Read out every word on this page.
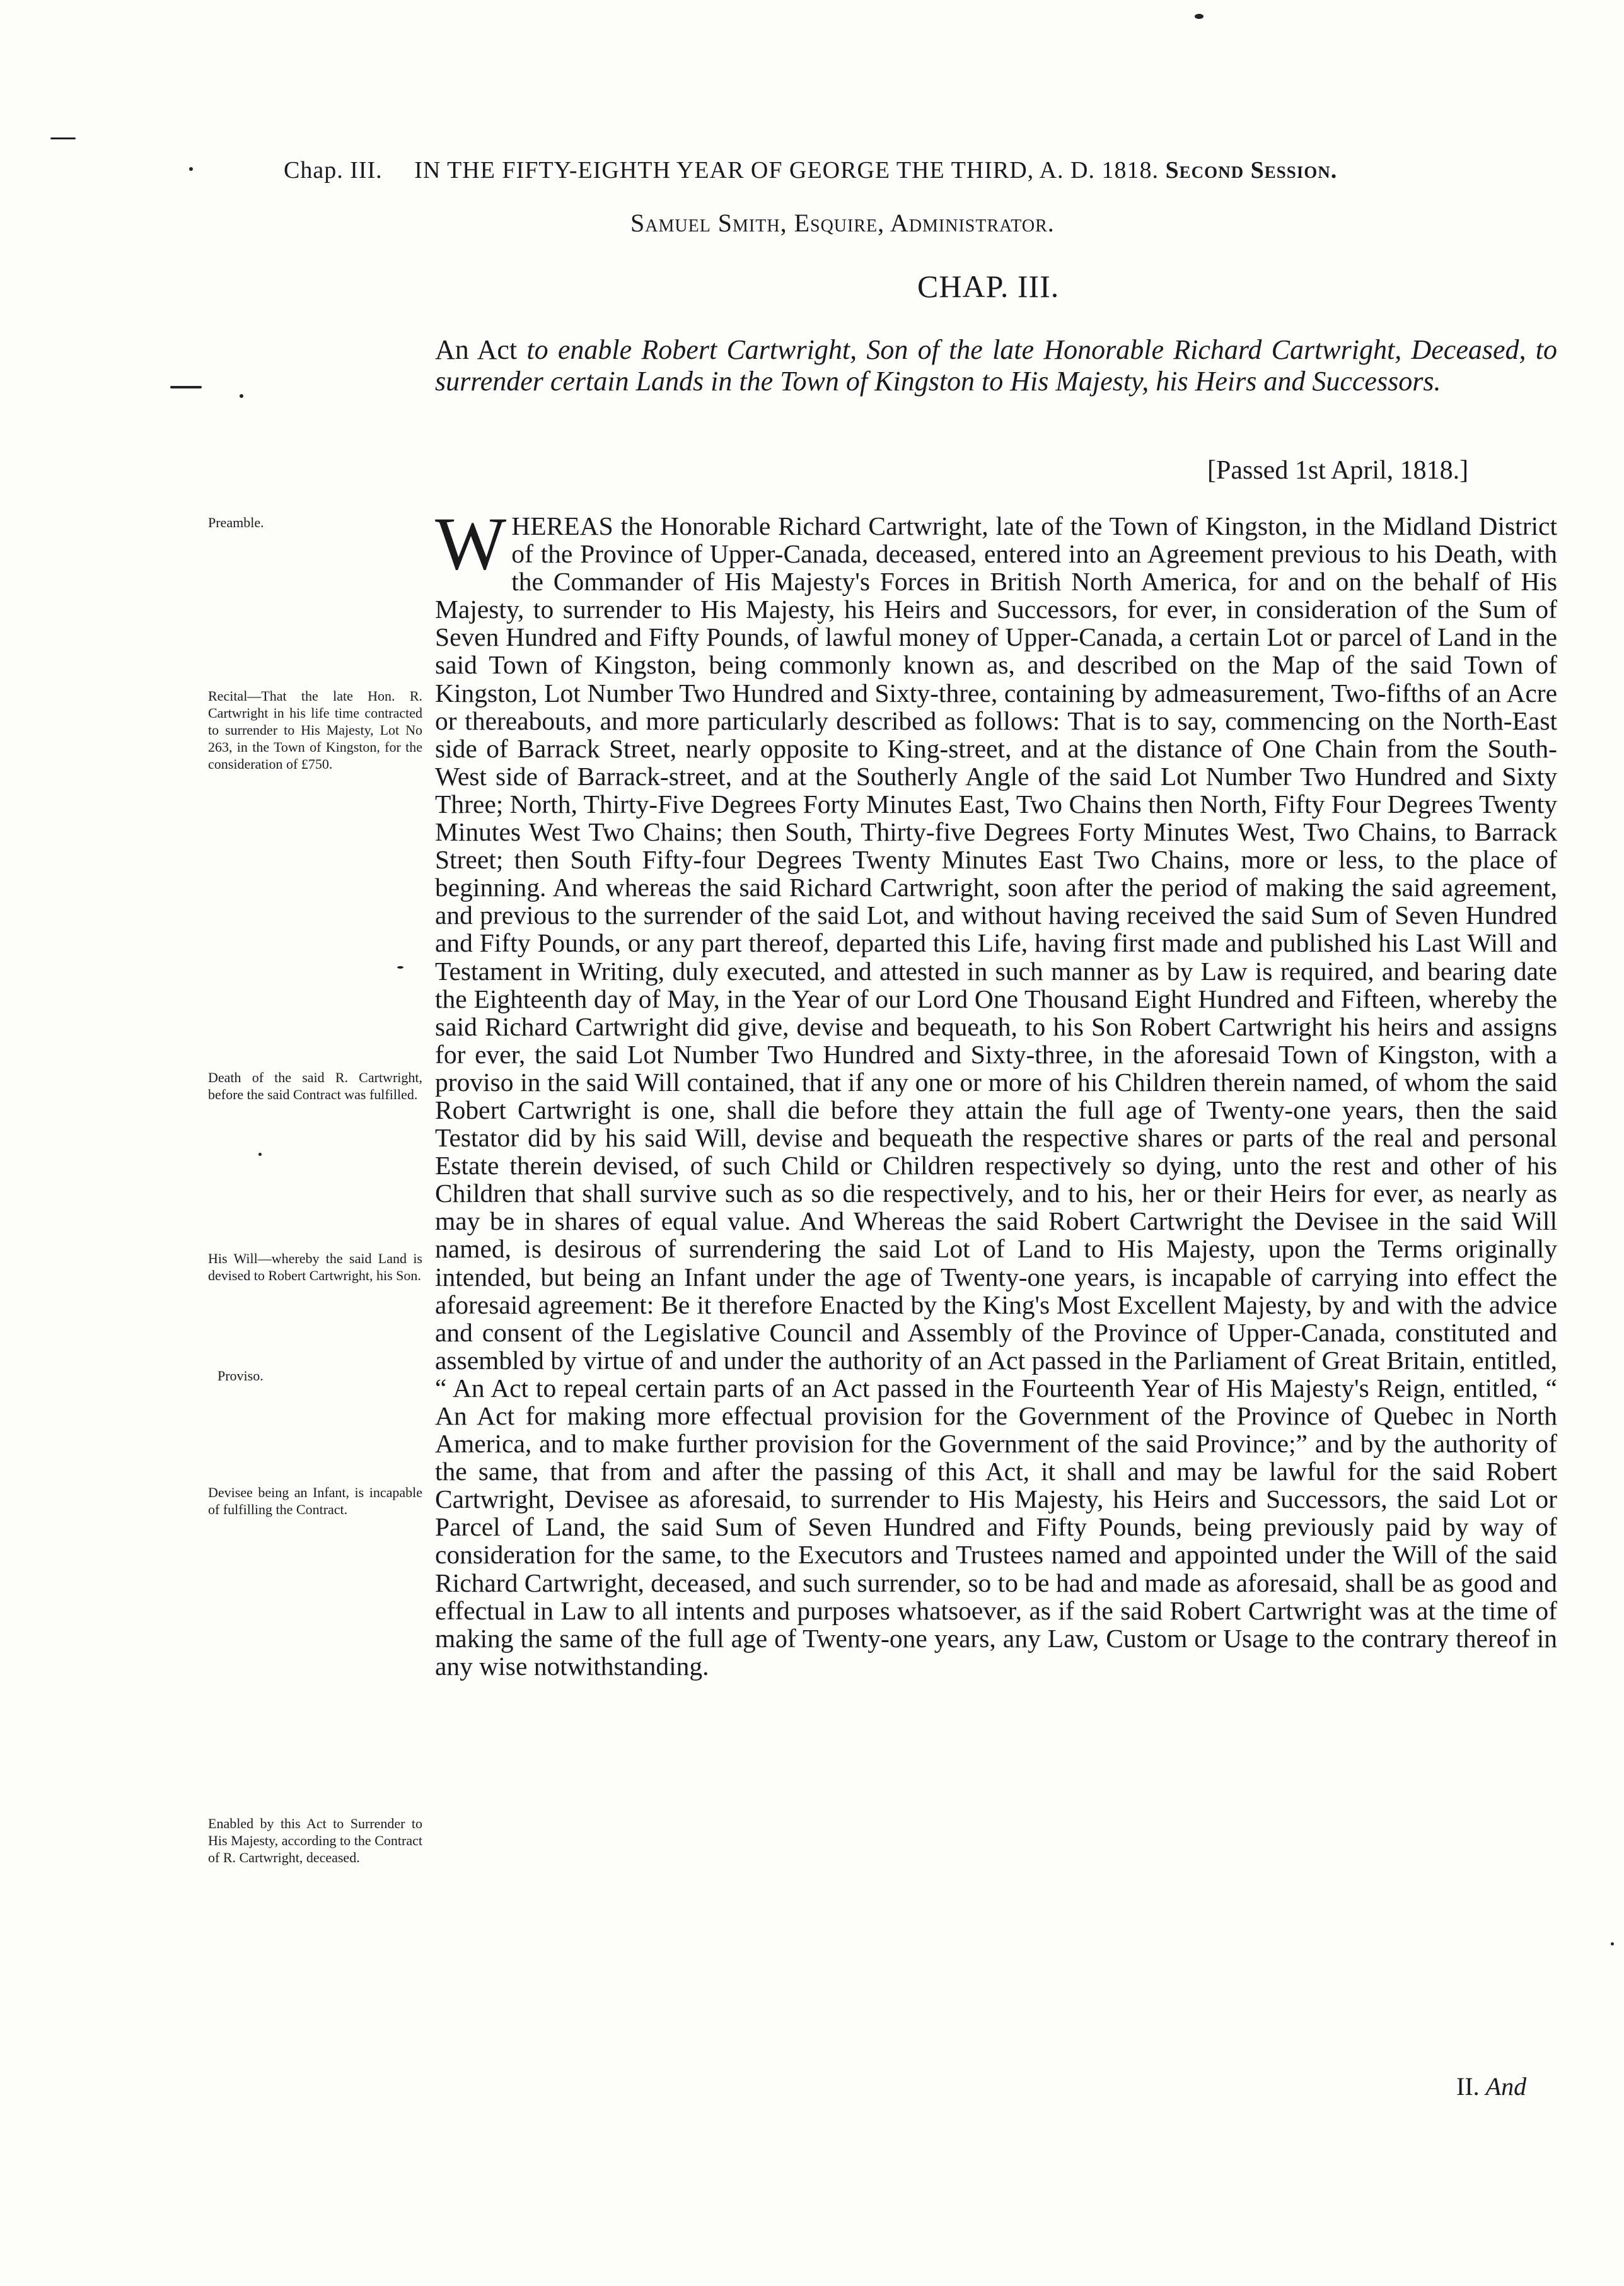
Chap. III. IN THE FIFTY-EIGHTH YEAR OF GEORGE THE THIRD, A. D. 1818. Second Session.
Samuel Smith, Esquire, Administrator.
CHAP. III.
An Act to enable Robert Cartwright, Son of the late Honorable Richard Cartwright, Deceased, to surrender certain Lands in the Town of Kingston to His Majesty, his Heirs and Successors.
[Passed 1st April, 1818.]
Preamble.
Recital—That the late Hon. R. Cartwright in his life time contracted to surrender to His Majesty, Lot No 263, in the Town of Kingston, for the consideration of £750.
Death of the said R. Cartwright, before the said Contract was fulfilled.
His Will—whereby the said Land is devised to Robert Cartwright, his Son.
Proviso.
Devisee being an Infant, is incapable of fulfilling the Contract.
Enabled by this Act to Surrender to His Majesty, according to the Contract of R. Cartwright, deceased.
WHEREAS the Honorable Richard Cartwright, late of the Town of Kingston, in the Midland District of the Province of Upper-Canada, deceased, entered into an Agreement previous to his Death, with the Commander of His Majesty's Forces in British North America, for and on the behalf of His Majesty, to surrender to His Majesty, his Heirs and Successors, for ever, in consideration of the Sum of Seven Hundred and Fifty Pounds, of lawful money of Upper-Canada, a certain Lot or parcel of Land in the said Town of Kingston, being commonly known as, and described on the Map of the said Town of Kingston, Lot Number Two Hundred and Sixty-three, containing by admeasurement, Two-fifths of an Acre or thereabouts, and more particularly described as follows: That is to say, commencing on the North-East side of Barrack Street, nearly opposite to King-street, and at the distance of One Chain from the South-West side of Barrack-street, and at the Southerly Angle of the said Lot Number Two Hundred and Sixty Three; North, Thirty-Five Degrees Forty Minutes East, Two Chains then North, Fifty Four Degrees Twenty Minutes West Two Chains; then South, Thirty-five Degrees Forty Minutes West, Two Chains, to Barrack Street; then South Fifty-four Degrees Twenty Minutes East Two Chains, more or less, to the place of beginning. And whereas the said Richard Cartwright, soon after the period of making the said agreement, and previous to the surrender of the said Lot, and without having received the said Sum of Seven Hundred and Fifty Pounds, or any part thereof, departed this Life, having first made and published his Last Will and Testament in Writing, duly executed, and attested in such manner as by Law is required, and bearing date the Eighteenth day of May, in the Year of our Lord One Thousand Eight Hundred and Fifteen, whereby the said Richard Cartwright did give, devise and bequeath, to his Son Robert Cartwright his heirs and assigns for ever, the said Lot Number Two Hundred and Sixty-three, in the aforesaid Town of Kingston, with a proviso in the said Will contained, that if any one or more of his Children therein named, of whom the said Robert Cartwright is one, shall die before they attain the full age of Twenty-one years, then the said Testator did by his said Will, devise and bequeath the respective shares or parts of the real and personal Estate therein devised, of such Child or Children respectively so dying, unto the rest and other of his Children that shall survive such as so die respectively, and to his, her or their Heirs for ever, as nearly as may be in shares of equal value. And Whereas the said Robert Cartwright the Devisee in the said Will named, is desirous of surrendering the said Lot of Land to His Majesty, upon the Terms originally intended, but being an Infant under the age of Twenty-one years, is incapable of carrying into effect the aforesaid agreement: Be it therefore Enacted by the King's Most Excellent Majesty, by and with the advice and consent of the Legislative Council and Assembly of the Province of Upper-Canada, constituted and assembled by virtue of and under the authority of an Act passed in the Parliament of Great Britain, entitled, “ An Act to repeal certain parts of an Act passed in the Fourteenth Year of His Majesty's Reign, entitled, “ An Act for making more effectual provision for the Government of the Province of Quebec in North America, and to make further provision for the Government of the said Province;” and by the authority of the same, that from and after the passing of this Act, it shall and may be lawful for the said Robert Cartwright, Devisee as aforesaid, to surrender to His Majesty, his Heirs and Successors, the said Lot or Parcel of Land, the said Sum of Seven Hundred and Fifty Pounds, being previously paid by way of consideration for the same, to the Executors and Trustees named and appointed under the Will of the said Richard Cartwright, deceased, and such surrender, so to be had and made as aforesaid, shall be as good and effectual in Law to all intents and purposes whatsoever, as if the said Robert Cartwright was at the time of making the same of the full age of Twenty-one years, any Law, Custom or Usage to the contrary thereof in any wise notwithstanding.
II. And
